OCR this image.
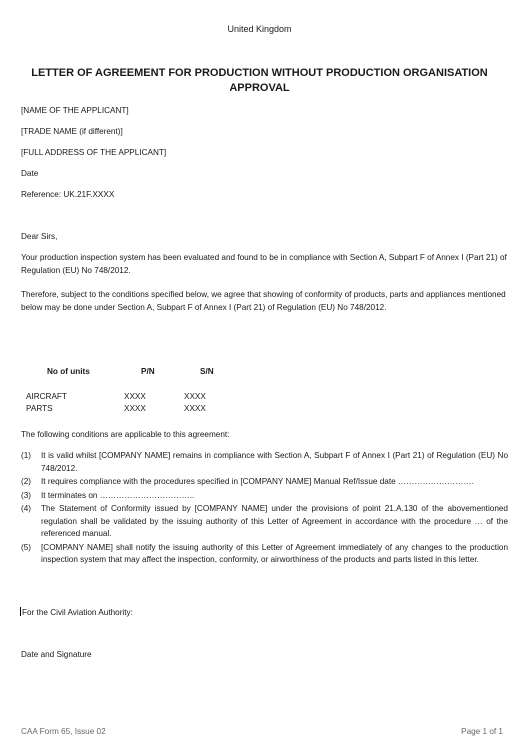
United Kingdom
LETTER OF AGREEMENT FOR PRODUCTION WITHOUT PRODUCTION ORGANISATION APPROVAL
[NAME OF THE APPLICANT]
[TRADE NAME (if different)]
[FULL ADDRESS OF THE APPLICANT]
Date
Reference: UK.21F.XXXX
Dear Sirs,
Your production inspection system has been evaluated and found to be in compliance with Section A, Subpart F of Annex I (Part 21) of Regulation (EU) No 748/2012.
Therefore, subject to the conditions specified below, we agree that showing of conformity of products, parts and appliances mentioned below may be done under Section A, Subpart F of Annex I (Part 21) of Regulation (EU) No 748/2012.
No of units	P/N	S/N
AIRCRAFT	XXXX	XXXX
PARTS	XXXX	XXXX
The following conditions are applicable to this agreement:
(1)	It is valid whilst [COMPANY NAME] remains in compliance with Section A, Subpart F of Annex I (Part 21) of Regulation (EU) No 748/2012.
(2)	It requires compliance with the procedures specified in [COMPANY NAME] Manual Ref/Issue date ……………………….
(3)	It terminates on ……………………………..
(4)	The Statement of Conformity issued by [COMPANY NAME] under the provisions of point 21.A.130 of the abovementioned regulation shall be validated by the issuing authority of this Letter of Agreement in accordance with the procedure … of the referenced manual.
(5)	[COMPANY NAME] shall notify the issuing authority of this Letter of Agreement immediately of any changes to the production inspection system that may affect the inspection, conformity, or airworthiness of the products and parts listed in this letter.
For the Civil Aviation Authority:
Date and Signature
CAA Form 65, Issue 02	Page 1 of 1
